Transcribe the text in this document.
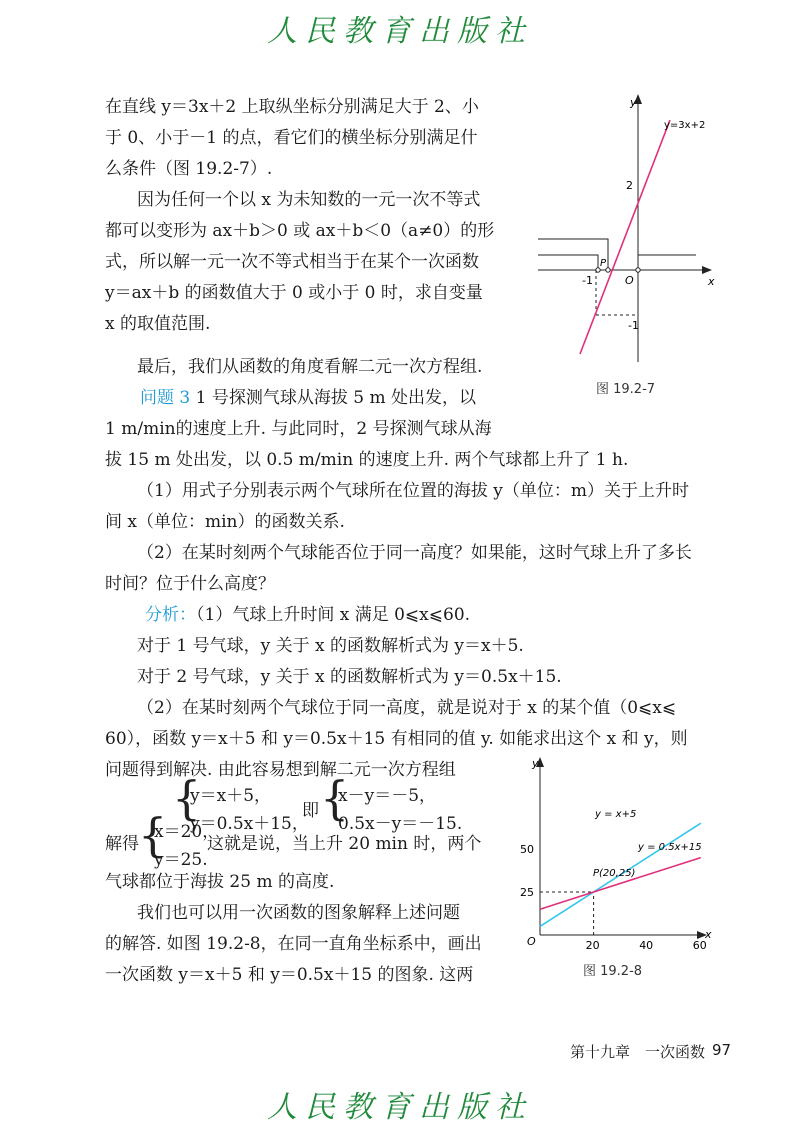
人民教育出版社
在直线 y＝3x＋2 上取纵坐标分别满足大于 2、小
于 0、小于－1 的点，看它们的横坐标分别满足什
么条件（图 19.2-7）.
因为任何一个以 x 为未知数的一元一次不等式
都可以变形为 ax＋b＞0 或 ax＋b＜0（a≠0）的形
式，所以解一元一次不等式相当于在某个一次函数
y＝ax＋b 的函数值大于 0 或小于 0 时，求自变量
x 的取值范围.
最后，我们从函数的角度看解二元一次方程组.
问题 3 1 号探测气球从海拔 5 m 处出发，以
1 m/min的速度上升. 与此同时，2 号探测气球从海
拔 15 m 处出发，以 0.5 m/min 的速度上升. 两个气球都上升了 1 h.
（1）用式子分别表示两个气球所在位置的海拔 y（单位：m）关于上升时
间 x（单位：min）的函数关系.
（2）在某时刻两个气球能否位于同一高度？如果能，这时气球上升了多长
时间？位于什么高度？
分析：（1）气球上升时间 x 满足 0⩽x⩽60.
对于 1 号气球，y 关于 x 的函数解析式为 y＝x＋5.
对于 2 号气球，y 关于 x 的函数解析式为 y＝0.5x＋15.
（2）在某时刻两个气球位于同一高度，就是说对于 x 的某个值（0⩽x⩽
60），函数 y＝x＋5 和 y＝0.5x＋15 有相同的值 y. 如能求出这个 x 和 y，则
问题得到解决. 由此容易想到解二元一次方程组
{
y＝x＋5，
y＝0.5x＋15，
即 {
x－y＝－5，
0.5x－y＝－15.
解得 {
x＝20，
y＝25.
这就是说，当上升 20 min 时，两个
气球都位于海拔 25 m 的高度.
我们也可以用一次函数的图象解释上述问题
的解答. 如图 19.2-8，在同一直角坐标系中，画出
一次函数 y＝x＋5 和 y＝0.5x＋15 的图象. 这两
y
x
y=3x+2
2
-1
-1
O
P
图 19.2-7
y
x
O	20	40	60
25
50
y = x+5
y = 0.5x+15
P(20,25)
图 19.2-8
第十九章　一次函数 97
人民教育出版社
